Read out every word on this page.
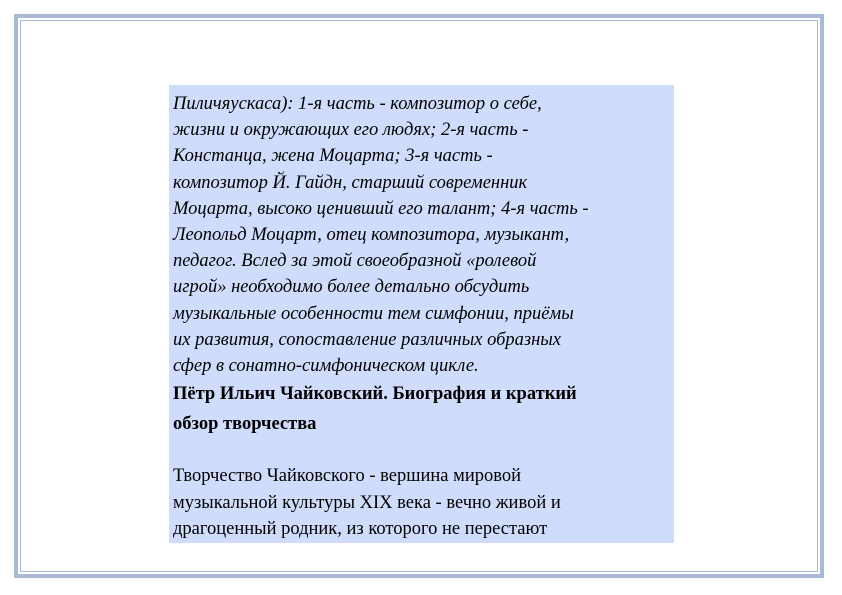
Пиличяускаса): 1-я часть - композитор о себе,
жизни и окружающих его людях; 2-я часть -
Констанца, жена Моцарта; 3-я часть -
композитор Й. Гайдн, старший современник
Моцарта, высоко ценивший его талант; 4-я часть -
Леопольд Моцарт, отец композитора, музыкант,
педагог. Вслед за этой своеобразной «ролевой
игрой» необходимо более детально обсудить
музыкальные особенности тем симфонии, приёмы
их развития, сопоставление различных образных
сфер в сонатно-симфоническом цикле.

Пётр Ильич Чайковский. Биография и краткий
обзор творчества

Творчество Чайковского - вершина мировой
музыкальной культуры XIX века - вечно живой и
драгоценный родник, из которого не перестают
